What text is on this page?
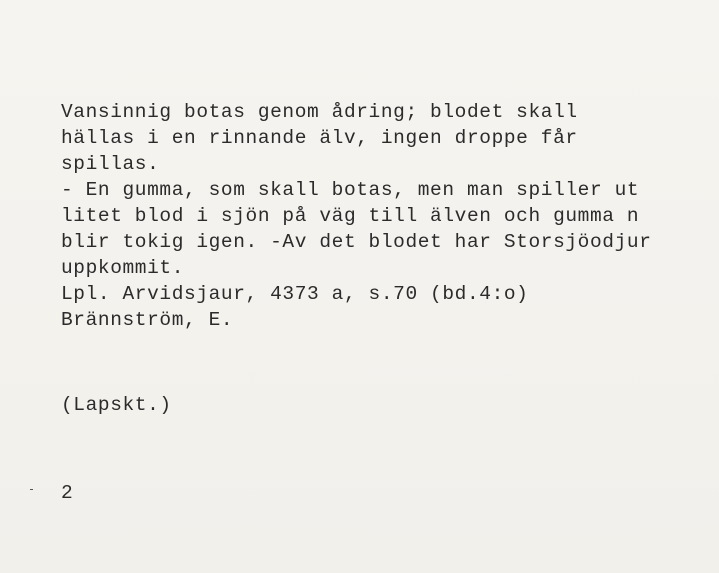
Vansinnig botas genom ådring; blodet skall
hällas i en rinnande älv, ingen droppe får
spillas.
- En gumma, som skall botas, men man spiller ut
litet blod i sjön på väg till älven och gumma n
blir tokig igen. -Av det blodet har Storsjöodjur
uppkommit.
Lpl. Arvidsjaur, 4373 a, s.70 (bd.4:o)
Brännström, E.
(Lapskt.)
2
